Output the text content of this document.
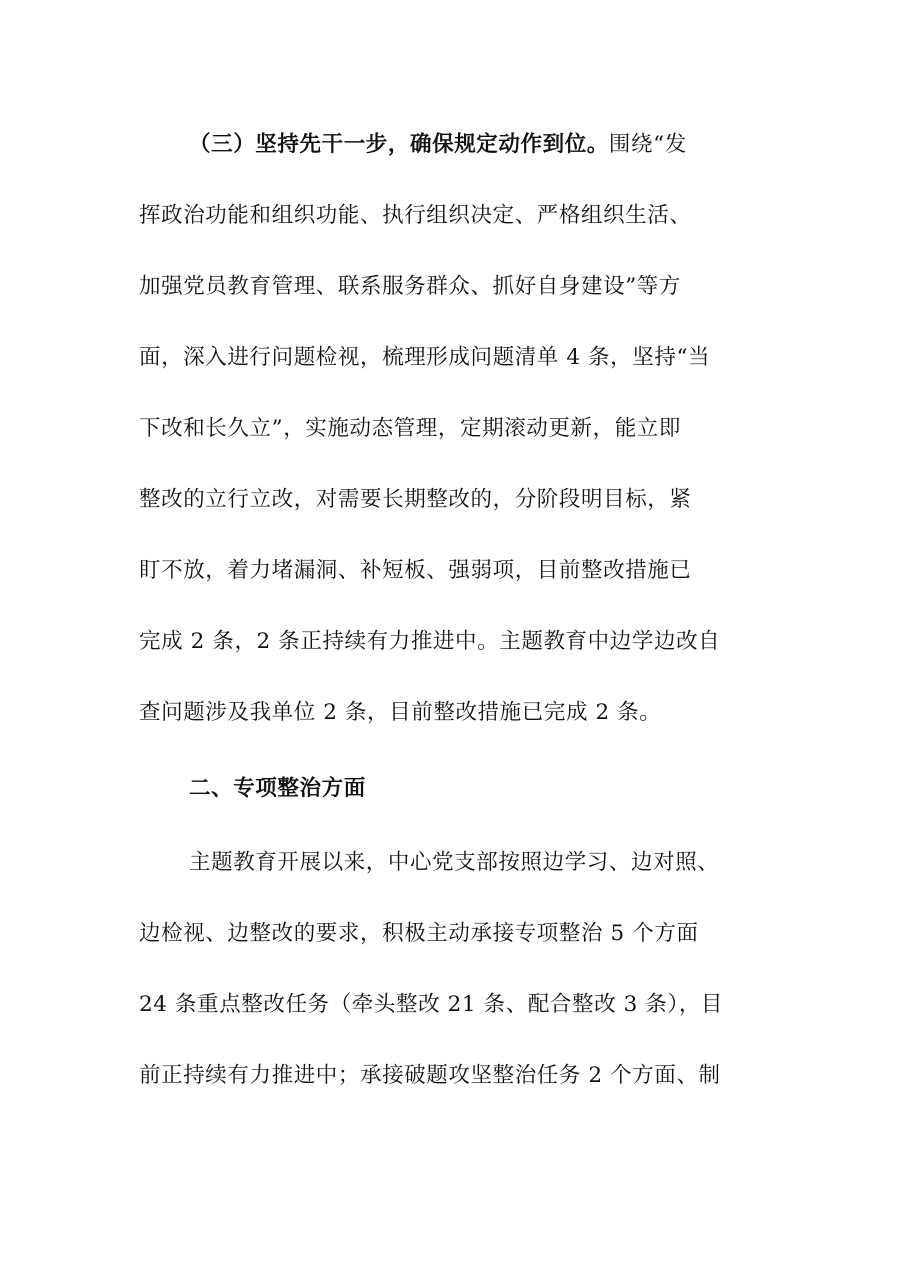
（三）坚持先干一步，确保规定动作到位。围绕“发
挥政治功能和组织功能、执行组织决定、严格组织生活、
加强党员教育管理、联系服务群众、抓好自身建设”等方
面，深入进行问题检视，梳理形成问题清单 4 条，坚持“当
下改和长久立”，实施动态管理，定期滚动更新，能立即
整改的立行立改，对需要长期整改的，分阶段明目标，紧
盯不放，着力堵漏洞、补短板、强弱项，目前整改措施已
完成 2 条，2 条正持续有力推进中。主题教育中边学边改自
查问题涉及我单位 2 条，目前整改措施已完成 2 条。
二、专项整治方面
主题教育开展以来，中心党支部按照边学习、边对照、
边检视、边整改的要求，积极主动承接专项整治 5 个方面
24 条重点整改任务（牵头整改 21 条、配合整改 3 条），目
前正持续有力推进中；承接破题攻坚整治任务 2 个方面、制
